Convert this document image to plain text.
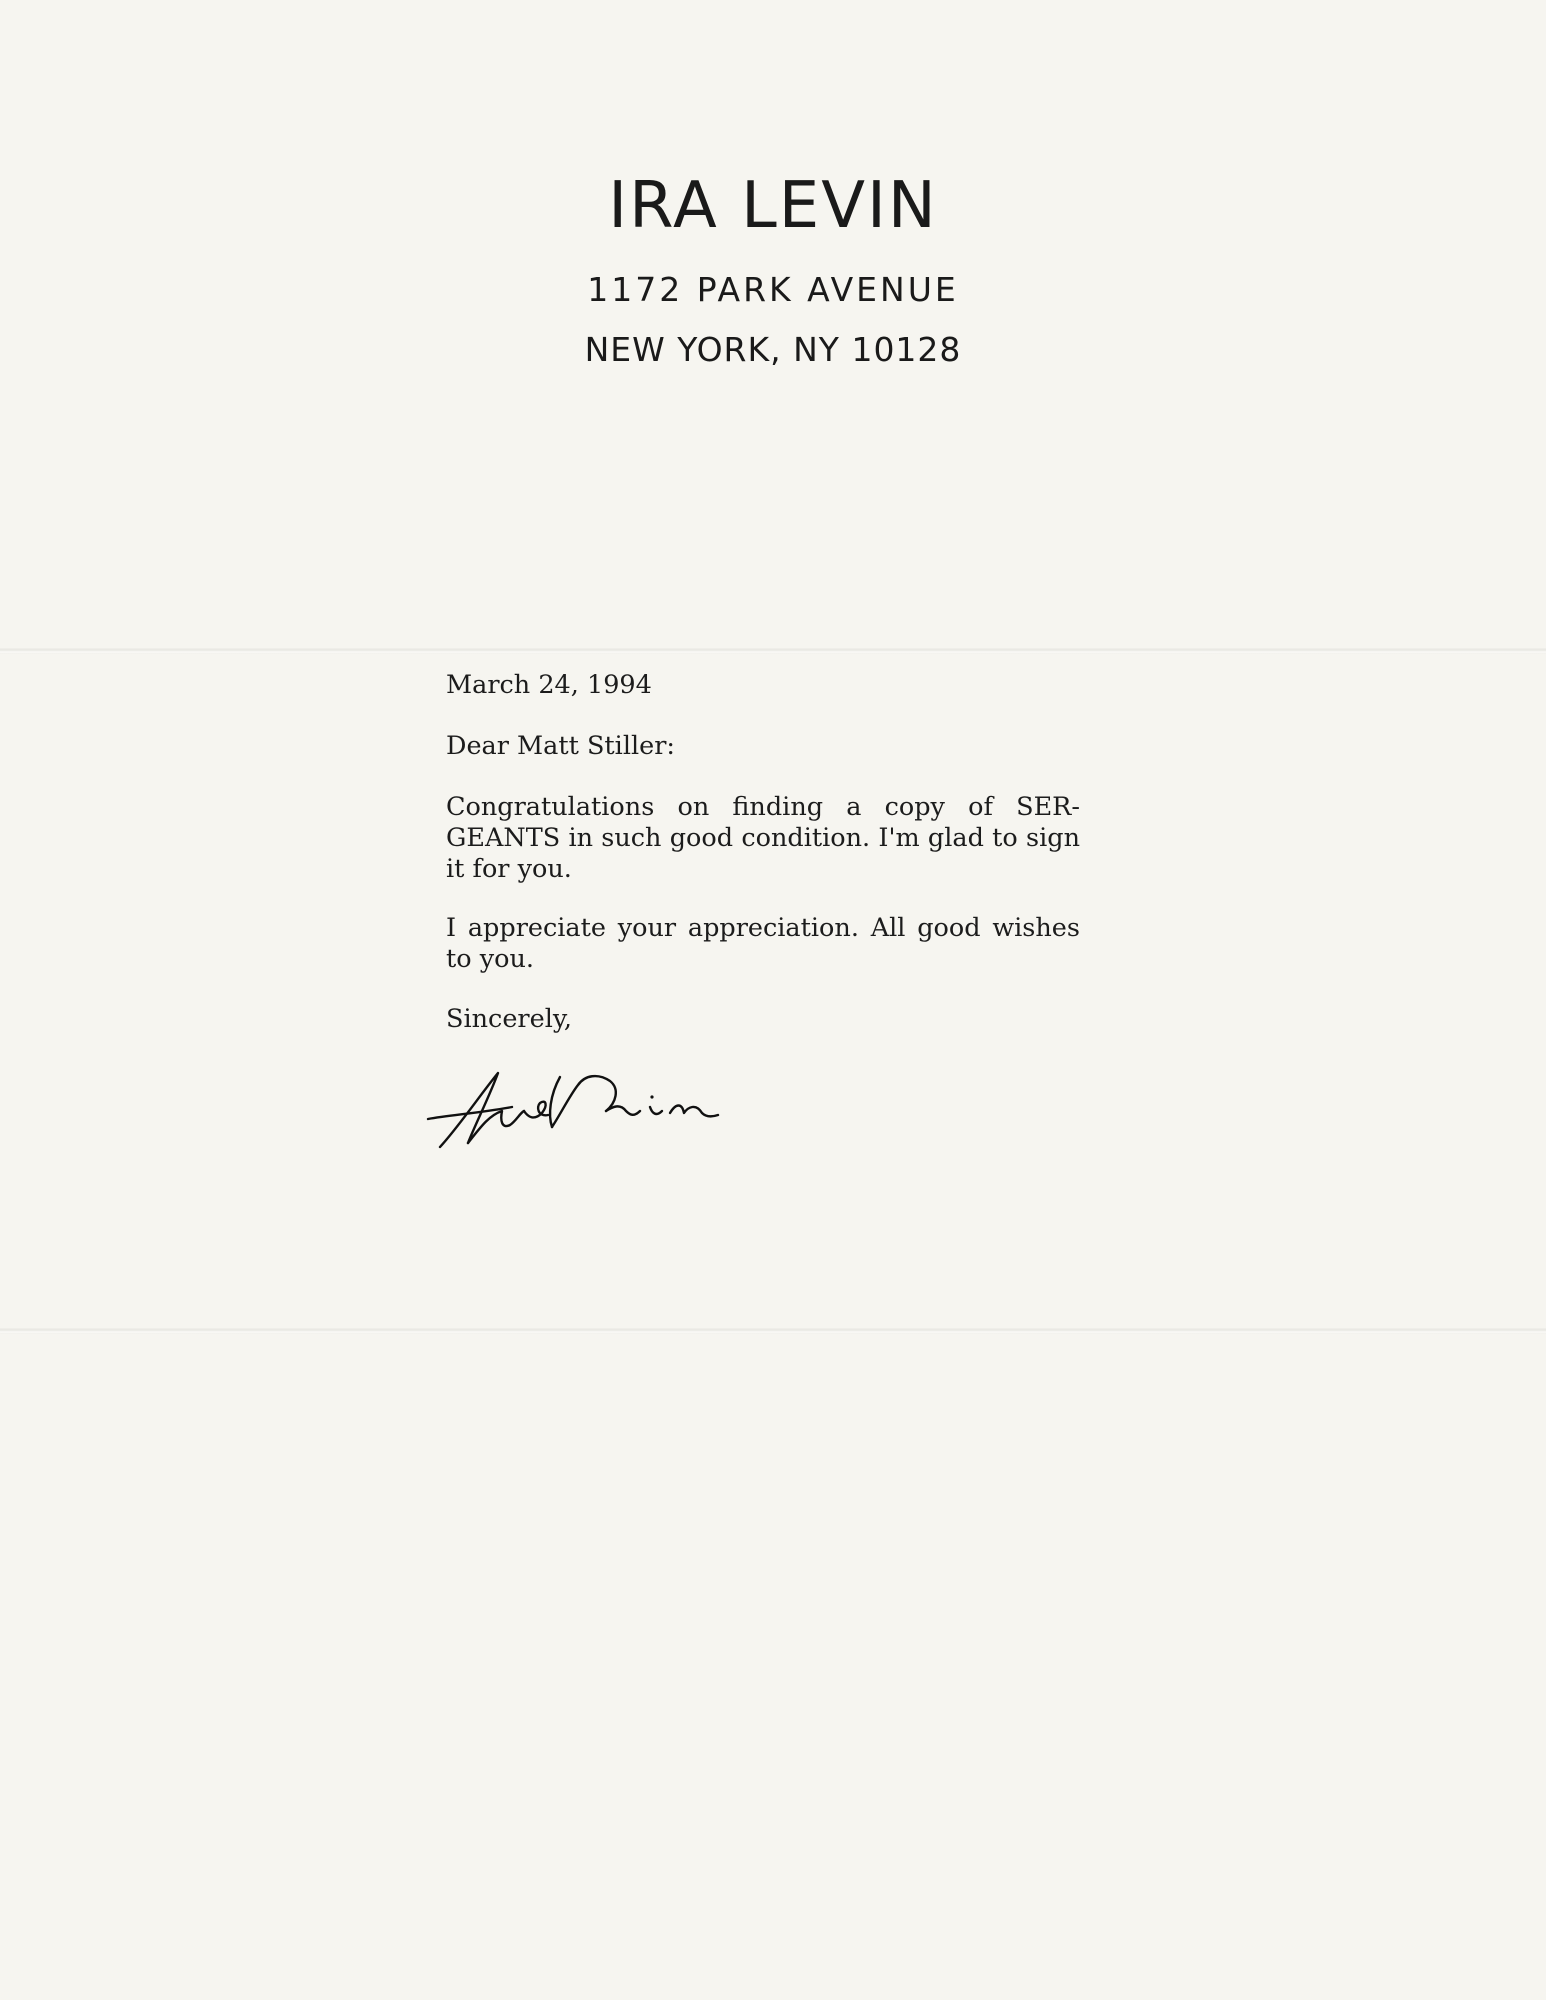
IRA LEVIN
1172 PARK AVENUE
NEW YORK, NY 10128

March 24, 1994

Dear Matt Stiller:

Congratulations on finding a copy of SER-GEANTS in such good condition. I'm glad to sign it for you.

I appreciate your appreciation. All good wishes to you.

Sincerely,
